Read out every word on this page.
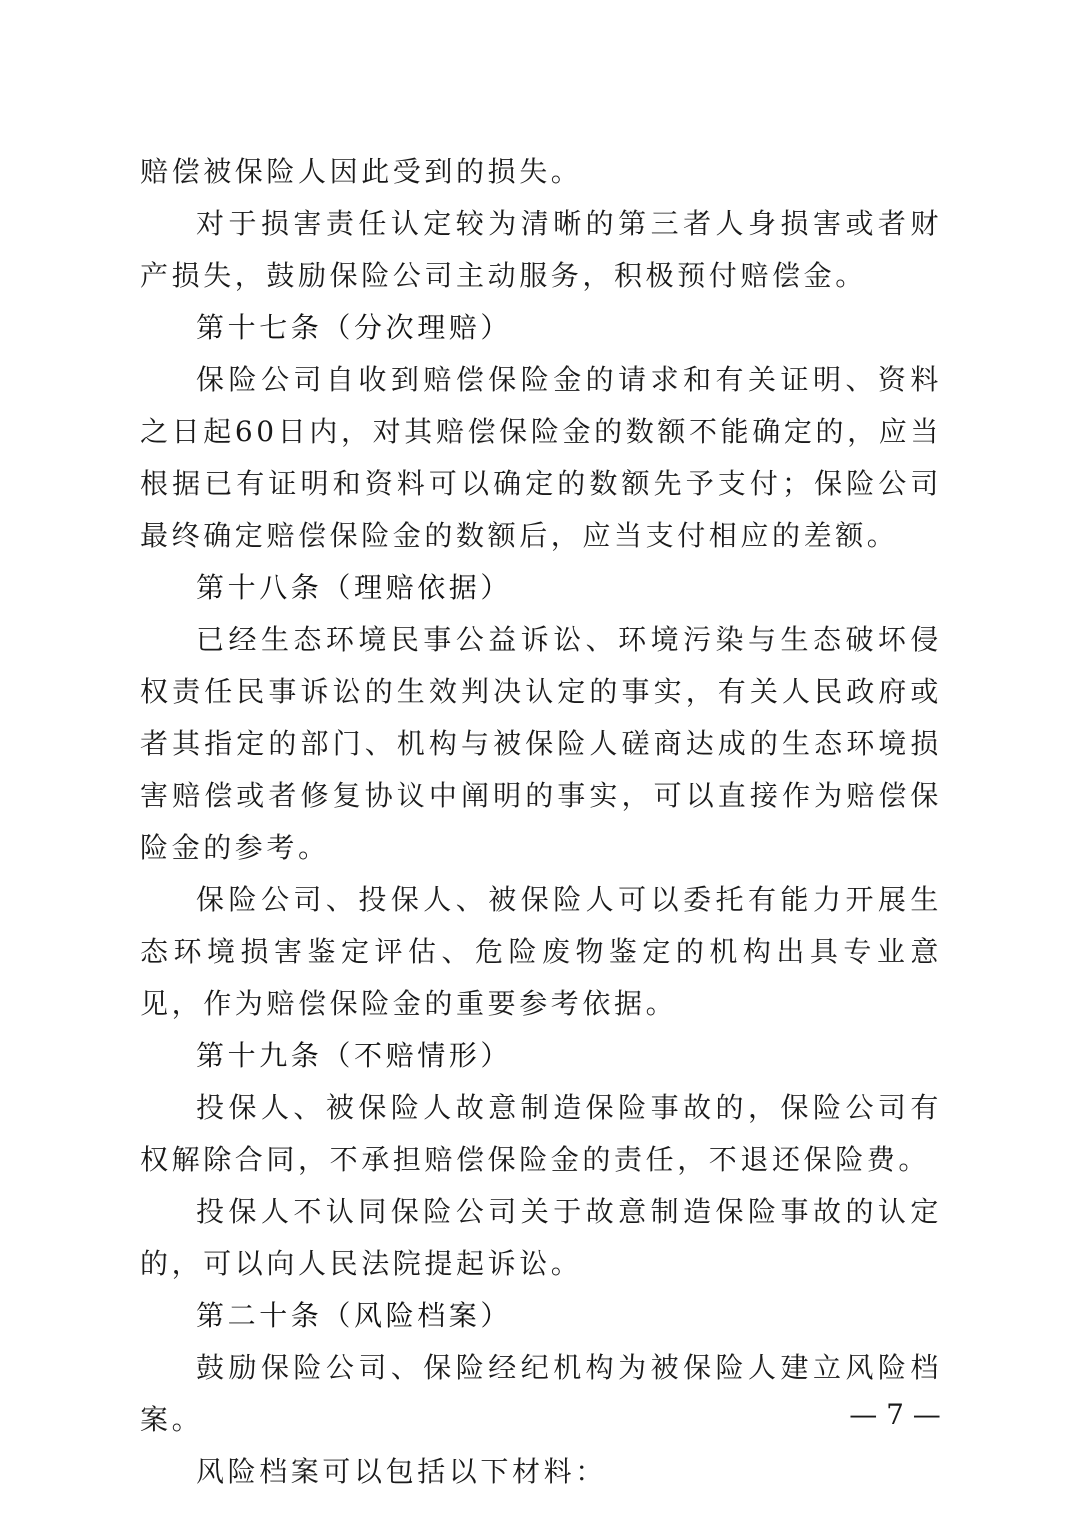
赔偿被保险人因此受到的损失。

对于损害责任认定较为清晰的第三者人身损害或者财产损失，鼓励保险公司主动服务，积极预付赔偿金。

第十七条（分次理赔）

保险公司自收到赔偿保险金的请求和有关证明、资料之日起60日内，对其赔偿保险金的数额不能确定的，应当根据已有证明和资料可以确定的数额先予支付；保险公司最终确定赔偿保险金的数额后，应当支付相应的差额。

第十八条（理赔依据）

已经生态环境民事公益诉讼、环境污染与生态破坏侵权责任民事诉讼的生效判决认定的事实，有关人民政府或者其指定的部门、机构与被保险人磋商达成的生态环境损害赔偿或者修复协议中阐明的事实，可以直接作为赔偿保险金的参考。

保险公司、投保人、被保险人可以委托有能力开展生态环境损害鉴定评估、危险废物鉴定的机构出具专业意见，作为赔偿保险金的重要参考依据。

第十九条（不赔情形）

投保人、被保险人故意制造保险事故的，保险公司有权解除合同，不承担赔偿保险金的责任，不退还保险费。

投保人不认同保险公司关于故意制造保险事故的认定的，可以向人民法院提起诉讼。

第二十条（风险档案）

鼓励保险公司、保险经纪机构为被保险人建立风险档案。

风险档案可以包括以下材料：

— 7 —
